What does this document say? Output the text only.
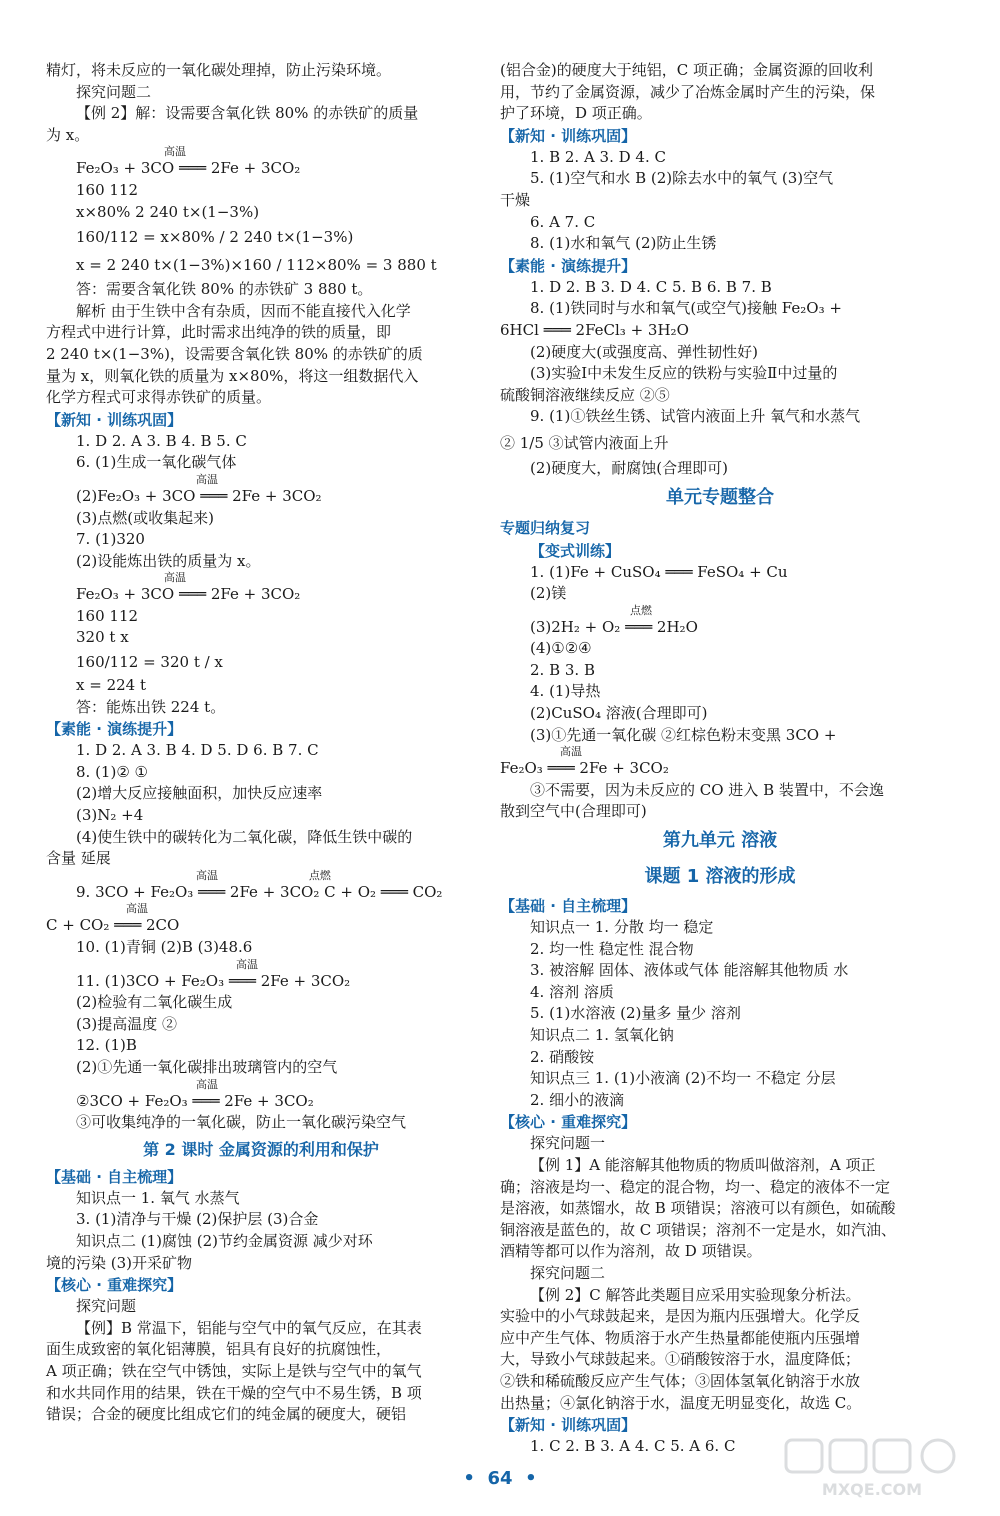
精灯，将未反应的一氧化碳处理掉，防止污染环境。
探究问题二
【例 2】解：设需要含氧化铁 80% 的赤铁矿的质量
为 x。
高温
Fe₂O₃ + 3CO ═══ 2Fe + 3CO₂
160 112
x×80% 2 240 t×(1−3%)
160/112 = x×80% / 2 240 t×(1−3%)
x = 2 240 t×(1−3%)×160 / 112×80% = 3 880 t
答：需要含氧化铁 80% 的赤铁矿 3 880 t。
解析 由于生铁中含有杂质，因而不能直接代入化学
方程式中进行计算，此时需求出纯净的铁的质量，即
2 240 t×(1−3%)，设需要含氧化铁 80% 的赤铁矿的质
量为 x，则氧化铁的质量为 x×80%，将这一组数据代入
化学方程式可求得赤铁矿的质量。
【新知 · 训练巩固】
1. D 2. A 3. B 4. B 5. C
6. (1)生成一氧化碳气体
高温
(2)Fe₂O₃ + 3CO ═══ 2Fe + 3CO₂
(3)点燃(或收集起来)
7. (1)320
(2)设能炼出铁的质量为 x。
高温
Fe₂O₃ + 3CO ═══ 2Fe + 3CO₂
160 112
320 t x
160/112 = 320 t / x
x = 224 t
答：能炼出铁 224 t。
【素能 · 演练提升】
1. D 2. A 3. B 4. D 5. D 6. B 7. C
8. (1)② ①
(2)增大反应接触面积，加快反应速率
(3)N₂ +4
(4)使生铁中的碳转化为二氧化碳，降低生铁中碳的
含量 延展
高温                          点燃
9. 3CO + Fe₂O₃ ═══ 2Fe + 3CO₂ C + O₂ ═══ CO₂
高温
C + CO₂ ═══ 2CO
10. (1)青铜 (2)B (3)48.6
高温
11. (1)3CO + Fe₂O₃ ═══ 2Fe + 3CO₂
(2)检验有二氧化碳生成
(3)提高温度 ②
12. (1)B
(2)①先通一氧化碳排出玻璃管内的空气
高温
②3CO + Fe₂O₃ ═══ 2Fe + 3CO₂
③可收集纯净的一氧化碳，防止一氧化碳污染空气
第 2 课时 金属资源的利用和保护
【基础 · 自主梳理】
知识点一 1. 氧气 水蒸气
3. (1)清净与干燥 (2)保护层 (3)合金
知识点二 (1)腐蚀 (2)节约金属资源 减少对环
境的污染 (3)开采矿物
【核心 · 重难探究】
探究问题
【例】B 常温下，铝能与空气中的氧气反应，在其表
面生成致密的氧化铝薄膜，铝具有良好的抗腐蚀性，
A 项正确；铁在空气中锈蚀，实际上是铁与空气中的氧气
和水共同作用的结果，铁在干燥的空气中不易生锈，B 项
错误；合金的硬度比组成它们的纯金属的硬度大，硬铝
(铝合金)的硬度大于纯铝，C 项正确；金属资源的回收利
用，节约了金属资源，减少了冶炼金属时产生的污染，保
护了环境，D 项正确。
【新知 · 训练巩固】
1. B 2. A 3. D 4. C
5. (1)空气和水 B (2)除去水中的氧气 (3)空气
干燥
6. A 7. C
8. (1)水和氧气 (2)防止生锈
【素能 · 演练提升】
1. D 2. B 3. D 4. C 5. B 6. B 7. B
8. (1)铁同时与水和氧气(或空气)接触 Fe₂O₃ +
6HCl ═══ 2FeCl₃ + 3H₂O
(2)硬度大(或强度高、弹性韧性好)
(3)实验Ⅰ中未发生反应的铁粉与实验Ⅱ中过量的
硫酸铜溶液继续反应 ②⑤
9. (1)①铁丝生锈、试管内液面上升 氧气和水蒸气
② 1/5 ③试管内液面上升
(2)硬度大，耐腐蚀(合理即可)
单元专题整合
专题归纳复习
【变式训练】
1. (1)Fe + CuSO₄ ═══ FeSO₄ + Cu
(2)镁
点燃
(3)2H₂ + O₂ ═══ 2H₂O
(4)①②④
2. B 3. B
4. (1)导热
(2)CuSO₄ 溶液(合理即可)
(3)①先通一氧化碳 ②红棕色粉末变黑 3CO +
高温
Fe₂O₃ ═══ 2Fe + 3CO₂
③不需要，因为未反应的 CO 进入 B 装置中，不会逸
散到空气中(合理即可)
第九单元 溶液
课题 1 溶液的形成
【基础 · 自主梳理】
知识点一 1. 分散 均一 稳定
2. 均一性 稳定性 混合物
3. 被溶解 固体、液体或气体 能溶解其他物质 水
4. 溶剂 溶质
5. (1)水溶液 (2)量多 量少 溶剂
知识点二 1. 氢氧化钠
2. 硝酸铵
知识点三 1. (1)小液滴 (2)不均一 不稳定 分层
2. 细小的液滴
【核心 · 重难探究】
探究问题一
【例 1】A 能溶解其他物质的物质叫做溶剂，A 项正
确；溶液是均一、稳定的混合物，均一、稳定的液体不一定
是溶液，如蒸馏水，故 B 项错误；溶液可以有颜色，如硫酸
铜溶液是蓝色的，故 C 项错误；溶剂不一定是水，如汽油、
酒精等都可以作为溶剂，故 D 项错误。
探究问题二
【例 2】C 解答此类题目应采用实验现象分析法。
实验中的小气球鼓起来，是因为瓶内压强增大。化学反
应中产生气体、物质溶于水产生热量都能使瓶内压强增
大，导致小气球鼓起来。①硝酸铵溶于水，温度降低；
②铁和稀硫酸反应产生气体；③固体氢氧化钠溶于水放
出热量；④氯化钠溶于水，温度无明显变化，故选 C。
【新知 · 训练巩固】
1. C 2. B 3. A 4. C 5. A 6. C
•  64  •
MXQE.COM
